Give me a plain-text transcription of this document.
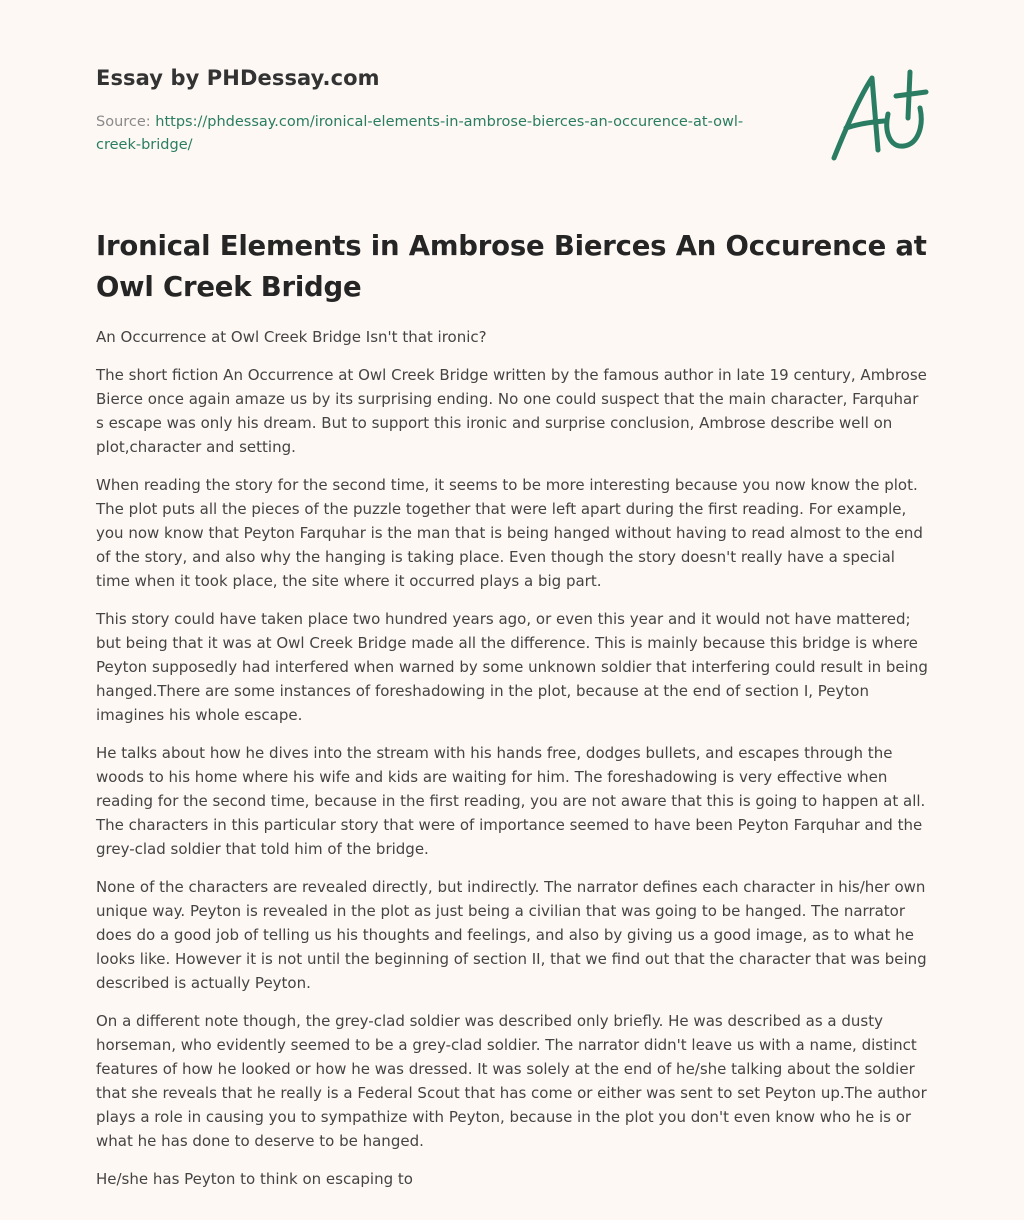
Essay by PHDessay.com
Source: https://phdessay.com/ironical-elements-in-ambrose-bierces-an-occurence-at-owl-creek-bridge/
Ironical Elements in Ambrose Bierces An Occurence at Owl Creek Bridge

An Occurrence at Owl Creek Bridge Isn't that ironic?

The short fiction An Occurrence at Owl Creek Bridge written by the famous author in late 19 century, Ambrose Bierce once again amaze us by its surprising ending. No one could suspect that the main character, Farquhar s escape was only his dream. But to support this ironic and surprise conclusion, Ambrose describe well on plot,character and setting.

When reading the story for the second time, it seems to be more interesting because you now know the plot. The plot puts all the pieces of the puzzle together that were left apart during the first reading. For example, you now know that Peyton Farquhar is the man that is being hanged without having to read almost to the end of the story, and also why the hanging is taking place. Even though the story doesn't really have a special time when it took place, the site where it occurred plays a big part.

This story could have taken place two hundred years ago, or even this year and it would not have mattered; but being that it was at Owl Creek Bridge made all the difference. This is mainly because this bridge is where Peyton supposedly had interfered when warned by some unknown soldier that interfering could result in being hanged.There are some instances of foreshadowing in the plot, because at the end of section I, Peyton imagines his whole escape.

He talks about how he dives into the stream with his hands free, dodges bullets, and escapes through the woods to his home where his wife and kids are waiting for him. The foreshadowing is very effective when reading for the second time, because in the first reading, you are not aware that this is going to happen at all. The characters in this particular story that were of importance seemed to have been Peyton Farquhar and the grey-clad soldier that told him of the bridge.

None of the characters are revealed directly, but indirectly. The narrator defines each character in his/her own unique way. Peyton is revealed in the plot as just being a civilian that was going to be hanged. The narrator does do a good job of telling us his thoughts and feelings, and also by giving us a good image, as to what he looks like. However it is not until the beginning of section II, that we find out that the character that was being described is actually Peyton.

On a different note though, the grey-clad soldier was described only briefly. He was described as a dusty horseman, who evidently seemed to be a grey-clad soldier. The narrator didn't leave us with a name, distinct features of how he looked or how he was dressed. It was solely at the end of he/she talking about the soldier that she reveals that he really is a Federal Scout that has come or either was sent to set Peyton up.The author plays a role in causing you to sympathize with Peyton, because in the plot you don't even know who he is or what he has done to deserve to be hanged.

He/she has Peyton to think on escaping to
